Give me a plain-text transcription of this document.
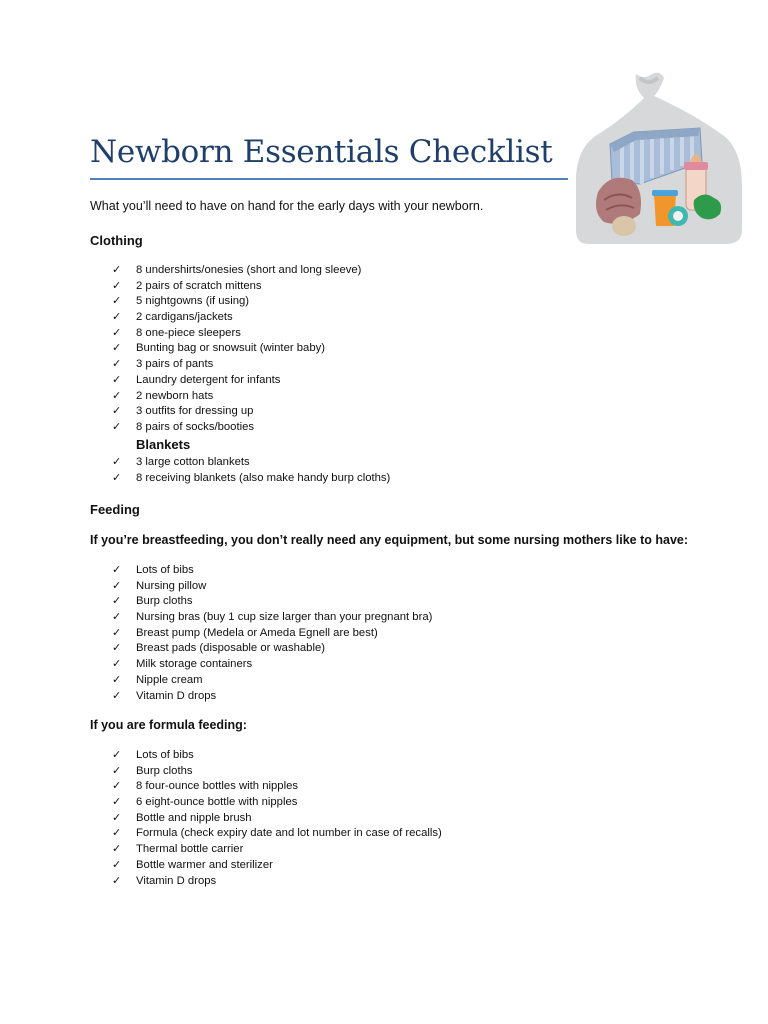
Newborn Essentials Checklist

What you’ll need to have on hand for the early days with your newborn.

Clothing

✓ 8 undershirts/onesies (short and long sleeve)
✓ 2 pairs of scratch mittens
✓ 5 nightgowns (if using)
✓ 2 cardigans/jackets
✓ 8 one-piece sleepers
✓ Bunting bag or snowsuit (winter baby)
✓ 3 pairs of pants
✓ Laundry detergent for infants
✓ 2 newborn hats
✓ 3 outfits for dressing up
✓ 8 pairs of socks/booties

Blankets

✓ 3 large cotton blankets
✓ 8 receiving blankets (also make handy burp cloths)

Feeding

If you’re breastfeeding, you don’t really need any equipment, but some nursing mothers like to have:

✓ Lots of bibs
✓ Nursing pillow
✓ Burp cloths
✓ Nursing bras (buy 1 cup size larger than your pregnant bra)
✓ Breast pump (Medela or Ameda Egnell are best)
✓ Breast pads (disposable or washable)
✓ Milk storage containers
✓ Nipple cream
✓ Vitamin D drops

If you are formula feeding:

✓ Lots of bibs
✓ Burp cloths
✓ 8 four-ounce bottles with nipples
✓ 6 eight-ounce bottle with nipples
✓ Bottle and nipple brush
✓ Formula (check expiry date and lot number in case of recalls)
✓ Thermal bottle carrier
✓ Bottle warmer and sterilizer
✓ Vitamin D drops
